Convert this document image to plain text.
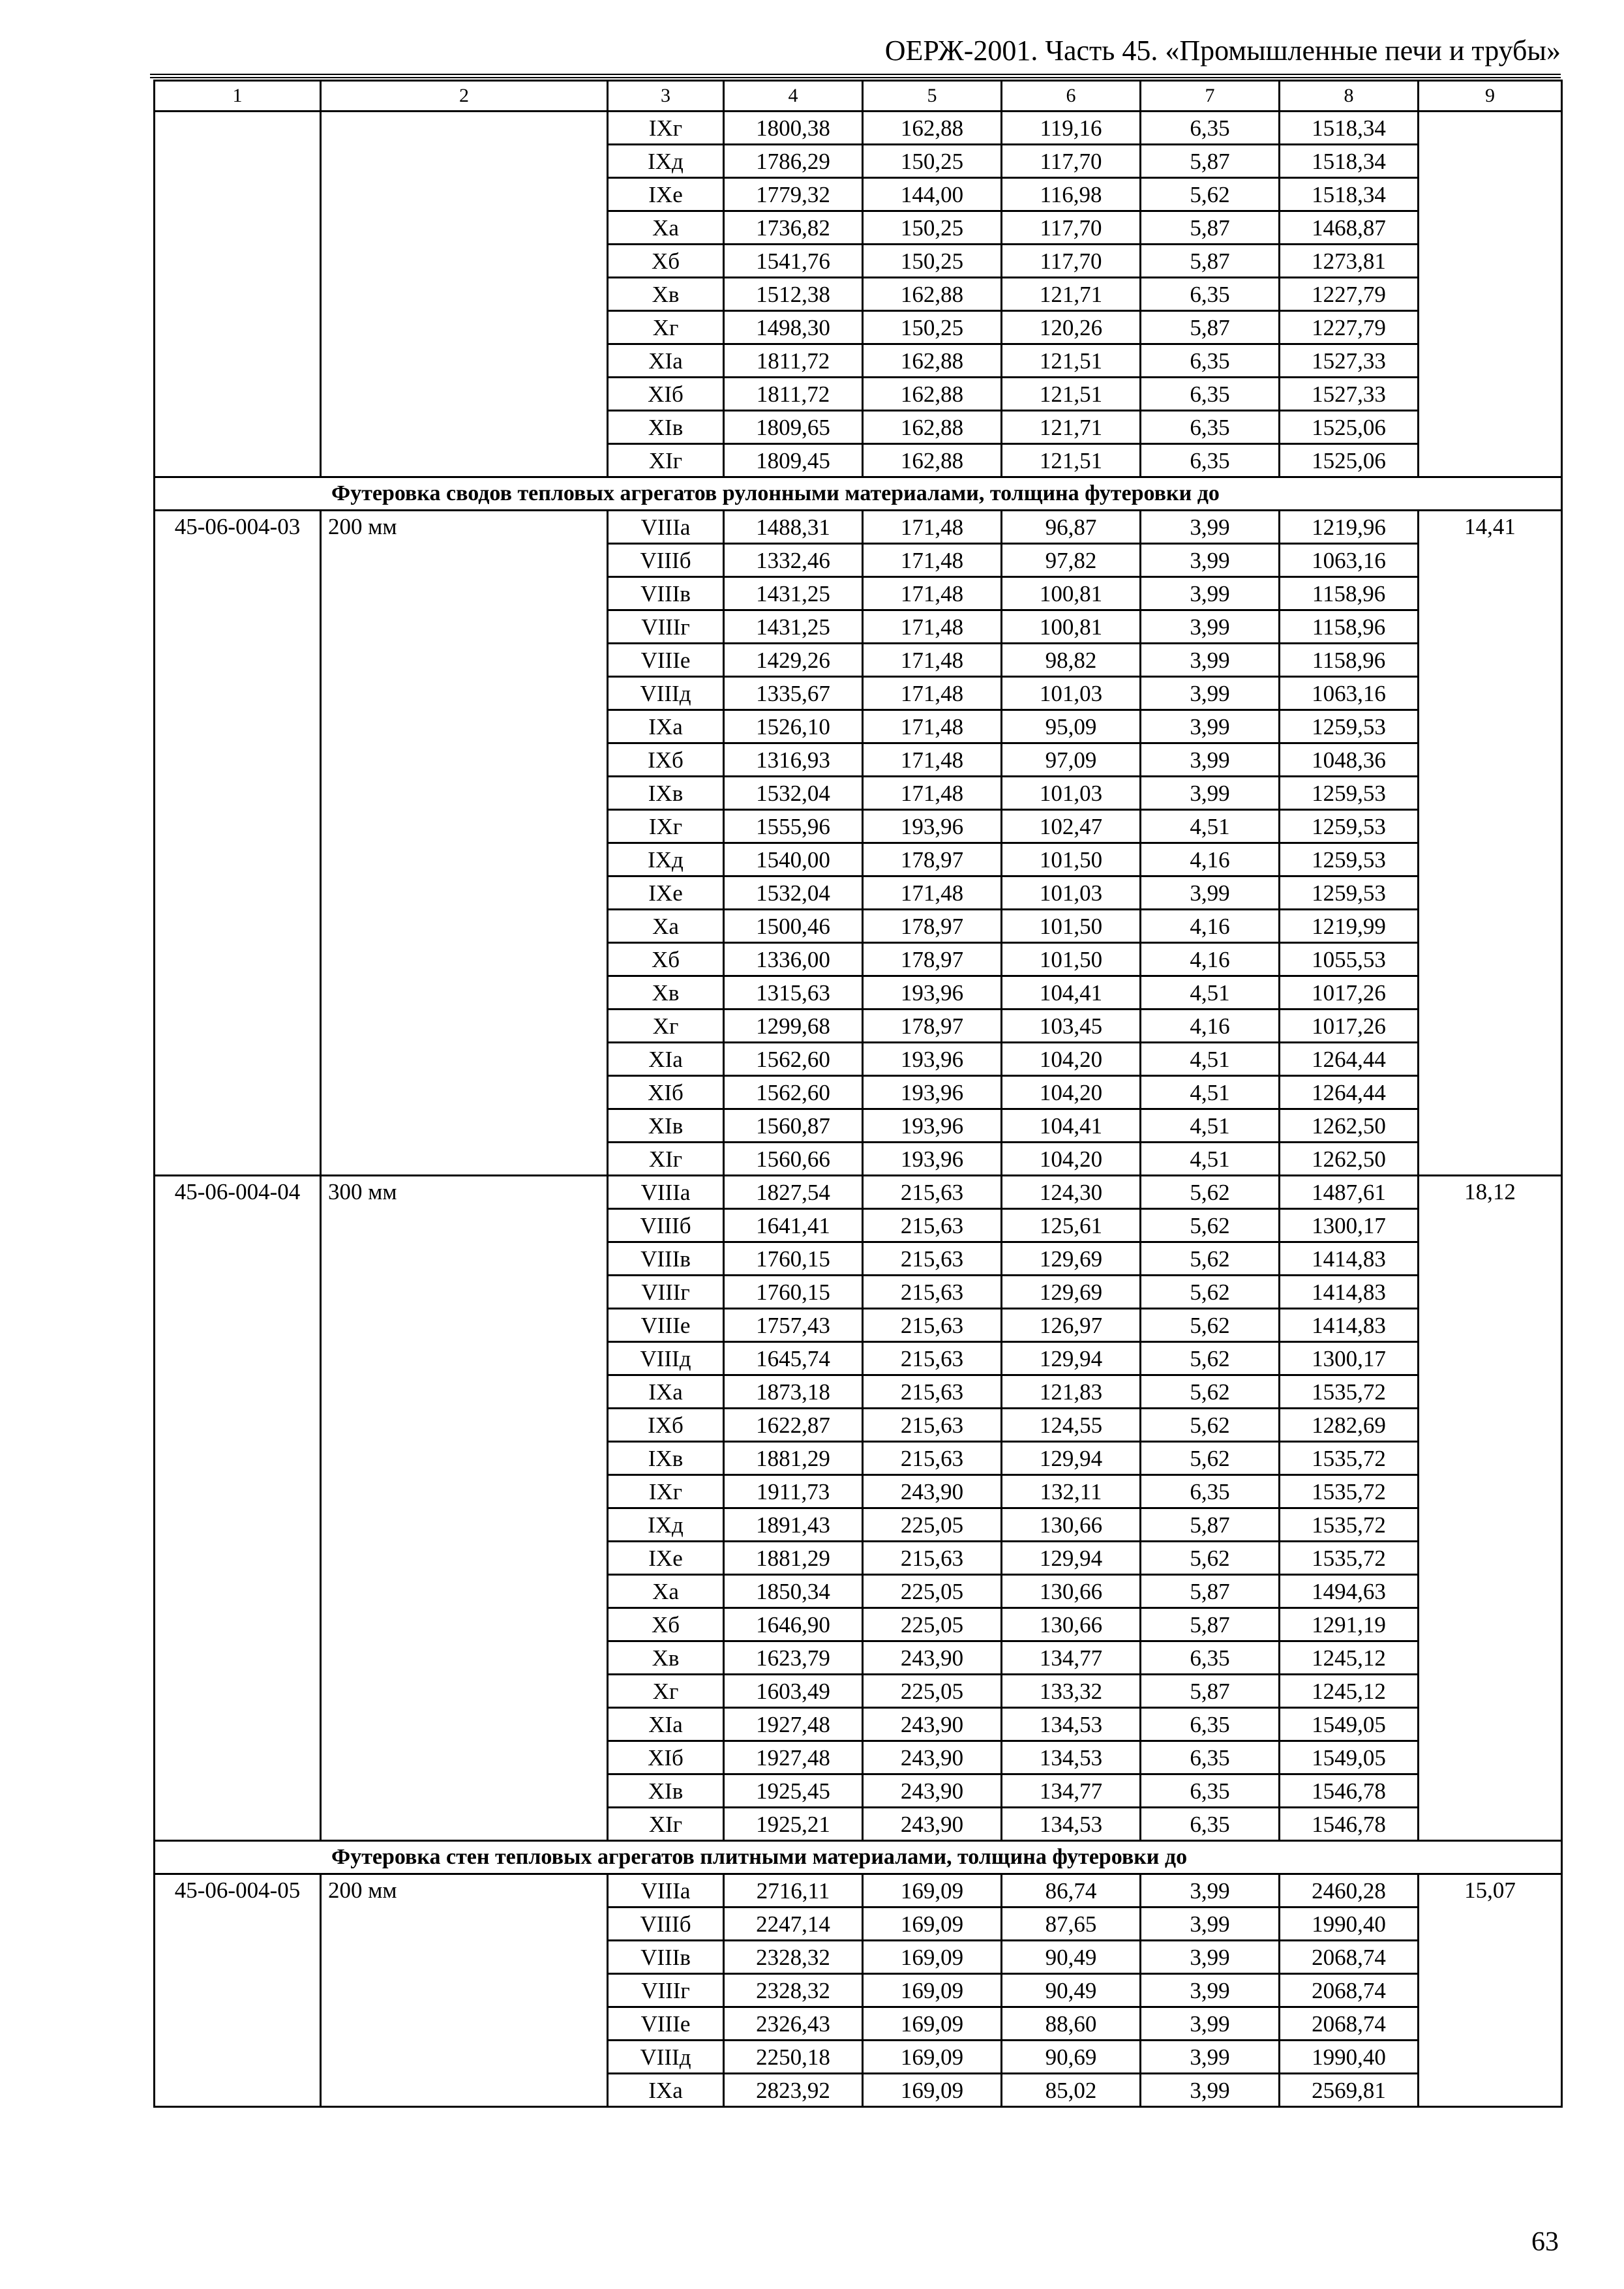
ОЕРЖ-2001. Часть 45. «Промышленные печи и трубы»
1	2	3	4	5	6	7	8	9
		IXг	1800,38	162,88	119,16	6,35	1518,34	
		IXд	1786,29	150,25	117,70	5,87	1518,34	
		IXе	1779,32	144,00	116,98	5,62	1518,34	
		Xа	1736,82	150,25	117,70	5,87	1468,87	
		Xб	1541,76	150,25	117,70	5,87	1273,81	
		Xв	1512,38	162,88	121,71	6,35	1227,79	
		Xг	1498,30	150,25	120,26	5,87	1227,79	
		XIа	1811,72	162,88	121,51	6,35	1527,33	
		XIб	1811,72	162,88	121,51	6,35	1527,33	
		XIв	1809,65	162,88	121,71	6,35	1525,06	
		XIг	1809,45	162,88	121,51	6,35	1525,06	
Футеровка сводов тепловых агрегатов рулонными материалами, толщина футеровки до								
45-06-004-03	200 мм	VIIIа	1488,31	171,48	96,87	3,99	1219,96	14,41
		VIIIб	1332,46	171,48	97,82	3,99	1063,16	
		VIIIв	1431,25	171,48	100,81	3,99	1158,96	
		VIIIг	1431,25	171,48	100,81	3,99	1158,96	
		VIIIе	1429,26	171,48	98,82	3,99	1158,96	
		VIIIд	1335,67	171,48	101,03	3,99	1063,16	
		IXа	1526,10	171,48	95,09	3,99	1259,53	
		IXб	1316,93	171,48	97,09	3,99	1048,36	
		IXв	1532,04	171,48	101,03	3,99	1259,53	
		IXг	1555,96	193,96	102,47	4,51	1259,53	
		IXд	1540,00	178,97	101,50	4,16	1259,53	
		IXе	1532,04	171,48	101,03	3,99	1259,53	
		Xа	1500,46	178,97	101,50	4,16	1219,99	
		Xб	1336,00	178,97	101,50	4,16	1055,53	
		Xв	1315,63	193,96	104,41	4,51	1017,26	
		Xг	1299,68	178,97	103,45	4,16	1017,26	
		XIа	1562,60	193,96	104,20	4,51	1264,44	
		XIб	1562,60	193,96	104,20	4,51	1264,44	
		XIв	1560,87	193,96	104,41	4,51	1262,50	
		XIг	1560,66	193,96	104,20	4,51	1262,50	
45-06-004-04	300 мм	VIIIа	1827,54	215,63	124,30	5,62	1487,61	18,12
		VIIIб	1641,41	215,63	125,61	5,62	1300,17	
		VIIIв	1760,15	215,63	129,69	5,62	1414,83	
		VIIIг	1760,15	215,63	129,69	5,62	1414,83	
		VIIIе	1757,43	215,63	126,97	5,62	1414,83	
		VIIIд	1645,74	215,63	129,94	5,62	1300,17	
		IXа	1873,18	215,63	121,83	5,62	1535,72	
		IXб	1622,87	215,63	124,55	5,62	1282,69	
		IXв	1881,29	215,63	129,94	5,62	1535,72	
		IXг	1911,73	243,90	132,11	6,35	1535,72	
		IXд	1891,43	225,05	130,66	5,87	1535,72	
		IXе	1881,29	215,63	129,94	5,62	1535,72	
		Xа	1850,34	225,05	130,66	5,87	1494,63	
		Xб	1646,90	225,05	130,66	5,87	1291,19	
		Xв	1623,79	243,90	134,77	6,35	1245,12	
		Xг	1603,49	225,05	133,32	5,87	1245,12	
		XIа	1927,48	243,90	134,53	6,35	1549,05	
		XIб	1927,48	243,90	134,53	6,35	1549,05	
		XIв	1925,45	243,90	134,77	6,35	1546,78	
		XIг	1925,21	243,90	134,53	6,35	1546,78	
Футеровка стен тепловых агрегатов плитными материалами, толщина футеровки до								
45-06-004-05	200 мм	VIIIа	2716,11	169,09	86,74	3,99	2460,28	15,07
		VIIIб	2247,14	169,09	87,65	3,99	1990,40	
		VIIIв	2328,32	169,09	90,49	3,99	2068,74	
		VIIIг	2328,32	169,09	90,49	3,99	2068,74	
		VIIIе	2326,43	169,09	88,60	3,99	2068,74	
		VIIIд	2250,18	169,09	90,69	3,99	1990,40	
		IXа	2823,92	169,09	85,02	3,99	2569,81	
63
